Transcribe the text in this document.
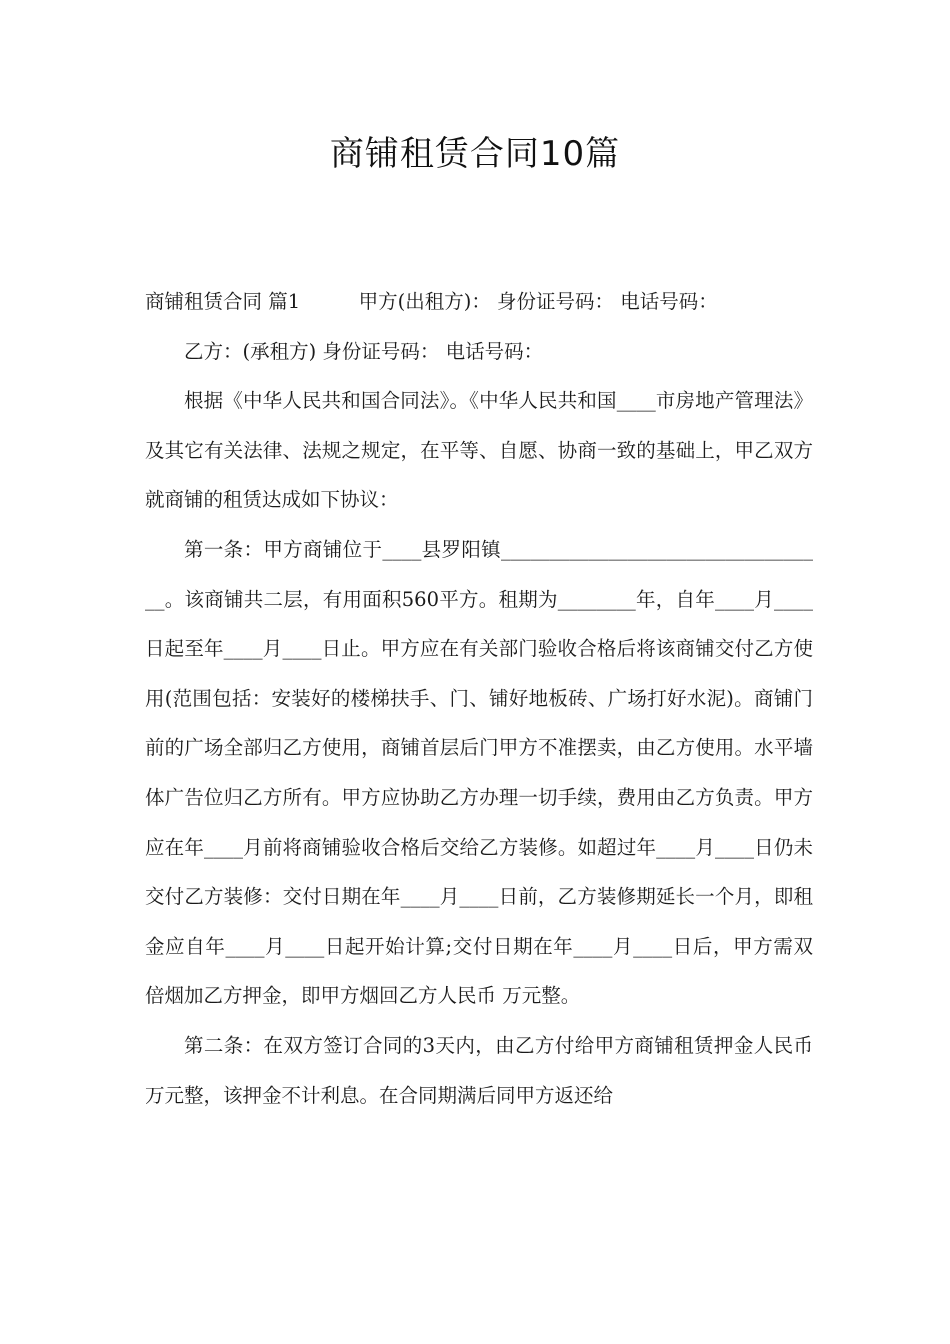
商铺租赁合同10篇

商铺租赁合同 篇1	甲方(出租方)： 身份证号码： 电话号码：

乙方：(承租方) 身份证号码： 电话号码：

根据《中华人民共和国合同法》。《中华人民共和国____市房地产管理法》及其它有关法律、法规之规定，在平等、自愿、协商一致的基础上，甲乙双方就商铺的租赁达成如下协议：

第一条：甲方商铺位于____县罗阳镇__________________________________。该商铺共二层，有用面积560平方。租期为________年，自年____月____日起至年____月____日止。甲方应在有关部门验收合格后将该商铺交付乙方使用(范围包括：安装好的楼梯扶手、门、铺好地板砖、广场打好水泥)。商铺门前的广场全部归乙方使用，商铺首层后门甲方不准摆卖，由乙方使用。水平墙体广告位归乙方所有。甲方应协助乙方办理一切手续，费用由乙方负责。甲方应在年____月前将商铺验收合格后交给乙方装修。如超过年____月____日仍未交付乙方装修：交付日期在年____月____日前，乙方装修期延长一个月，即租金应自年____月____日起开始计算;交付日期在年____月____日后，甲方需双倍烟加乙方押金，即甲方烟回乙方人民币 万元整。

第二条：在双方签订合同的3天内，由乙方付给甲方商铺租赁押金人民币 万元整，该押金不计利息。在合同期满后同甲方返还给
